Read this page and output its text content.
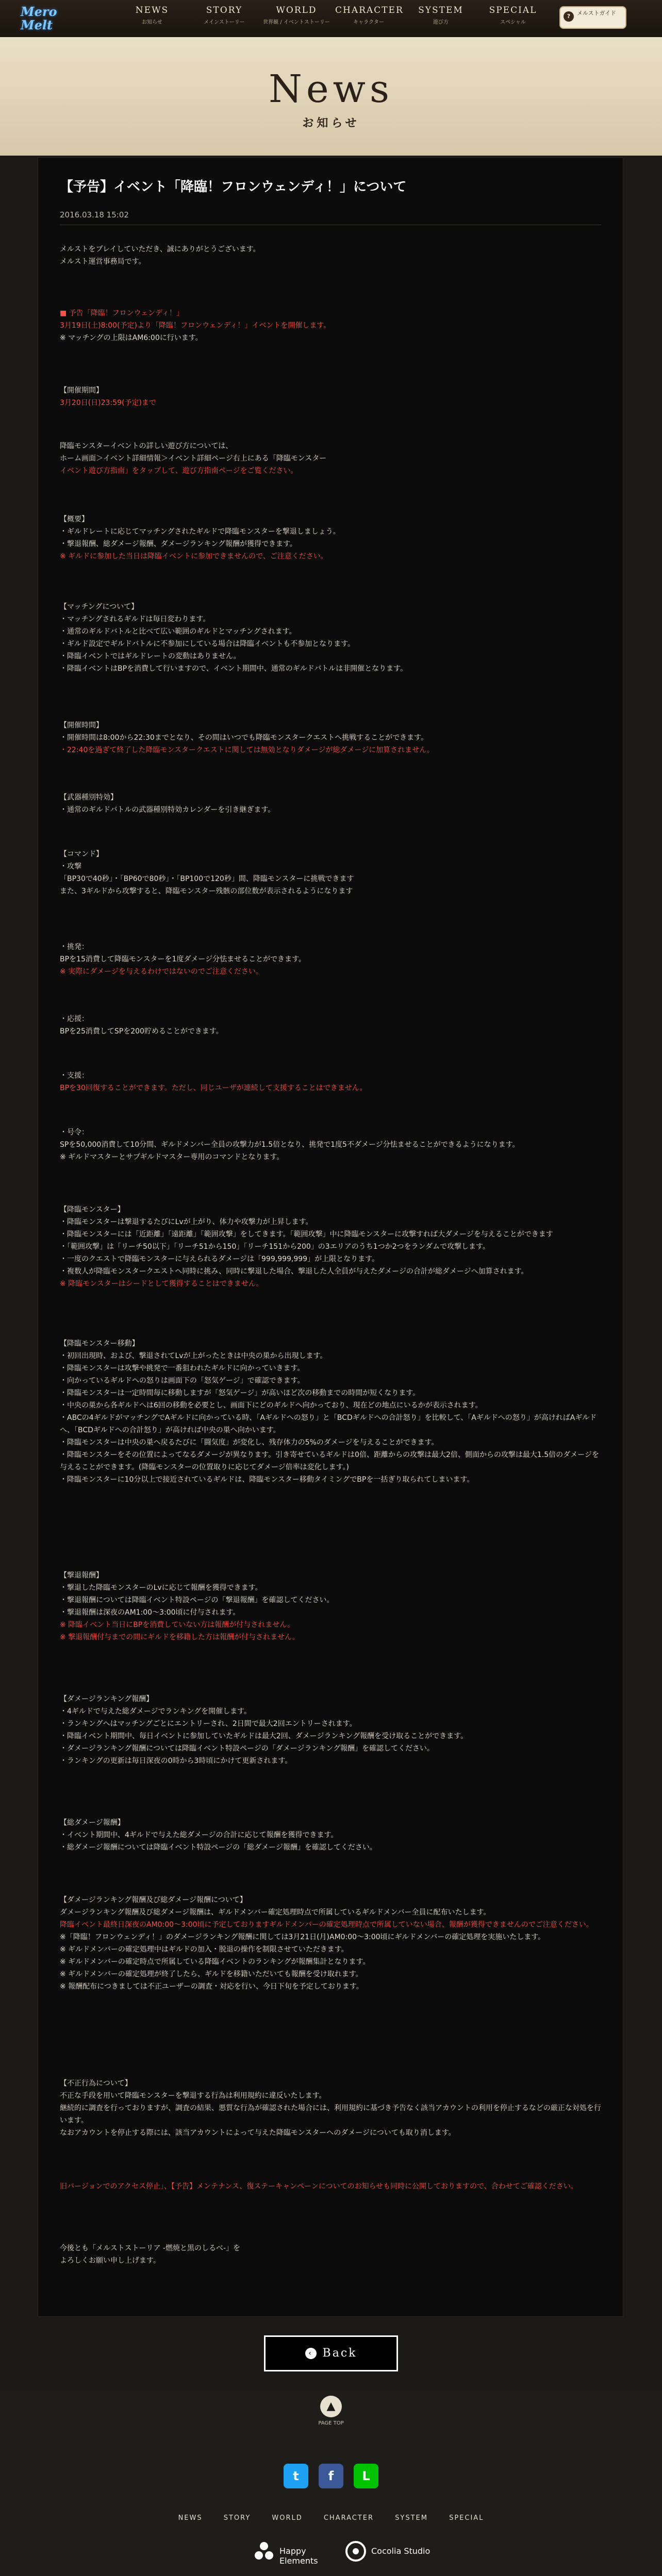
Mero Melt
NEWS
お知らせ
STORY
メインストーリー
WORLD
世界観 / イベントストーリー
CHARACTER
キャラクター
SYSTEM
遊び方
SPECIAL
スペシャル
?	メルストガイド
News
お知らせ
【予告】イベント「降臨！フロンウェンディ！」について
2016.03.18 15:02
メルストをプレイしていただき、誠にありがとうございます。
メルスト運営事務局です。
■ 予告「降臨！フロンウェンディ！」
3月19日(土)8:00(予定)より「降臨！フロンウェンディ！」イベントを開催します。
※ マッチングの上限はAM6:00に行います。
【開催期間】
3月20日(日)23:59(予定)まで
降臨モンスターイベントの詳しい遊び方については、
ホーム画面＞イベント詳細情報＞イベント詳細ページ右上にある「降臨モンスター
イベント遊び方指南」をタップして、遊び方指南ページをご覧ください。
【概要】
・ギルドレートに応じてマッチングされたギルドで降臨モンスターを撃退しましょう。
・撃退報酬、総ダメージ報酬、ダメージランキング報酬が獲得できます。
※ ギルドに参加した当日は降臨イベントに参加できませんので、ご注意ください。
【マッチングについて】
・マッチングされるギルドは毎日変わります。
・通常のギルドバトルと比べて広い範囲のギルドとマッチングされます。
・ギルド設定でギルドバトルに不参加にしている場合は降臨イベントも不参加となります。
・降臨イベントではギルドレートの変動はありません。
・降臨イベントはBPを消費して行いますので、イベント期間中、通常のギルドバトルは非開催となります。
【開催時間】
・開催時間は8:00から22:30までとなり、その間はいつでも降臨モンスタークエストへ挑戦することができます。
・22:40を過ぎて終了した降臨モンスタークエストに関しては無効となりダメージが総ダメージに加算されません。
【武器種別特効】
・通常のギルドバトルの武器種別特効カレンダーを引き継ぎます。
【コマンド】
・攻撃
「BP30で40秒」・「BP60で80秒」・「BP100で120秒」間、降臨モンスターに挑戦できます
また、3ギルドから攻撃すると、降臨モンスター残骸の部位数が表示されるようになります
・挑発：
BPを15消費して降臨モンスターを1度ダメージ分怯ませることができます。
※ 実際にダメージを与えるわけではないのでご注意ください。
・応援：
BPを25消費してSPを200貯めることができます。
・支援：
BPを30回復することができます。ただし、同じユーザが連続して支援することはできません。
・号令：
SPを50,000消費して10分間、ギルドメンバー全員の攻撃力が1.5倍となり、挑発で1度5不ダメージ分怯ませることができるようになります。
※ ギルドマスターとサブギルドマスター専用のコマンドとなります。
【降臨モンスター】
・降臨モンスターは撃退するたびにLvが上がり、体力や攻撃力が上昇します。
・降臨モンスターには「近距離」「遠距離」「範囲攻撃」をしてきます。「範囲攻撃」中に降臨モンスターに攻撃すれば大ダメージを与えることができます
・「範囲攻撃」は「リーチ50以下」「リーチ51から150」「リーチ151から200」の3エリアのうち1つか2つをランダムで攻撃します。
・一度のクエストで降臨モンスターに与えられるダメージは「999,999,999」が上限となります。
・複数人が降臨モンスタークエストへ同時に挑み、同時に撃退した場合、撃退した人全員が与えたダメージの合計が総ダメージへ加算されます。
※ 降臨モンスターはシードとして獲得することはできません。
【降臨モンスター移動】
・初回出現時、および、撃退されてLvが上がったときは中央の巣から出現します。
・降臨モンスターは攻撃や挑発で一番狙われたギルドに向かっていきます。
・向かっているギルドへの怒りは画面下の「怒気ゲージ」で確認できます。
・降臨モンスターは一定時間毎に移動しますが「怒気ゲージ」が高いほど次の移動までの時間が短くなります。
・中央の巣から各ギルドへは6回の移動を必要とし、画面下にどのギルドへ向かっており、現在どの地点にいるかが表示されます。
・ABCの4ギルドがマッチングでAギルドに向かっている時、「Aギルドへの怒り」と「BCDギルドへの合計怒り」を比較して、「Aギルドへの怒り」が高ければAギルドへ、「BCDギルドへの合計怒り」が高ければ中央の巣へ向かいます。
・降臨モンスターは中央の巣へ戻るたびに「闘気度」が変化し、残存体力の5%のダメージを与えることができます。
・降臨モンスターをその位置によってなるダメージが異なります。引き寄せているギルドは0倍、距離からの攻撃は最大2倍、側面からの攻撃は最大1.5倍のダメージを与えることができます。(降臨モンスターの位置取りに応じてダメージ倍率は変化します。)
・降臨モンスターに10分以上で接近されているギルドは、降臨モンスター移動タイミングでBPを一括ぎり取られてしまいます。
【撃退報酬】
・撃退した降臨モンスターのLvに応じて報酬を獲得できます。
・撃退報酬については降臨イベント特設ページの「撃退報酬」を確認してください。
・撃退報酬は深夜のAM1:00～3:00頃に付与されます。
※ 降臨イベント当日にBPを消費していない方は報酬が付与されません。
※ 撃退報酬付与までの間にギルドを移籍した方は報酬が付与されません。
【ダメージランキング報酬】
・4ギルドで与えた総ダメージでランキングを開催します。
・ランキングへはマッチングごとにエントリーされ、2日間で最大2回エントリーされます。
・降臨イベント期間中、毎日イベントに参加していたギルドは最大2回、ダメージランキング報酬を受け取ることができます。
・ダメージランキング報酬については降臨イベント特設ページの「ダメージランキング報酬」を確認してください。
・ランキングの更新は毎日深夜の0時から3時頃にかけて更新されます。
【総ダメージ報酬】
・イベント期間中、4ギルドで与えた総ダメージの合計に応じて報酬を獲得できます。
・総ダメージ報酬については降臨イベント特設ページの「総ダメージ報酬」を確認してください。
【ダメージランキング報酬及び総ダメージ報酬について】
ダメージランキング報酬及び総ダメージ報酬は、ギルドメンバー確定処理時点で所属しているギルドメンバー全員に配布いたします。
降臨イベント最終日深夜のAM0:00～3:00頃に予定しておりますギルドメンバーの確定処理時点で所属していない場合、報酬が獲得できませんのでご注意ください。
※「降臨！フロンウェンディ！」のダメージランキング報酬に関しては3月21日(月)AM0:00～3:00頃にギルドメンバーの確定処理を実施いたします。
※ ギルドメンバーの確定処理中はギルドの加入・脱退の操作を制限させていただきます。
※ ギルドメンバーの確定時点で所属している降臨イベントのランキングが報酬集計となります。
※ ギルドメンバーの確定処理が終了したら、ギルドを移籍いただいても報酬を受け取れます。
※ 報酬配布につきましては不正ユーザーの調査・対応を行い、今日下旬を予定しております。
【不正行為について】
不正な手段を用いて降臨モンスターを撃退する行為は利用規約に違反いたします。
継続的に調査を行っておりますが、調査の結果、悪質な行為が確認された場合には、利用規約に基づき予告なく該当アカウントの利用を停止するなどの厳正な対処を行います。
なおアカウントを停止する際には、該当アカウントによって与えた降臨モンスターへのダメージについても取り消します。
旧バージョンでのアクセス停止」、【予告】メンテナンス、復ステーキャンペーンについてのお知らせも同時に公開しておりますので、合わせてご確認ください。
今後とも「メルストストーリア -燃焼と黒のしるべ-」を
よろしくお願い申し上げます。
‹ Back
▲
PAGE TOP
t	f	L
NEWS	STORY	WORLD	CHARACTER	SYSTEM	SPECIAL
Happy Elements
Cocolia Studio
